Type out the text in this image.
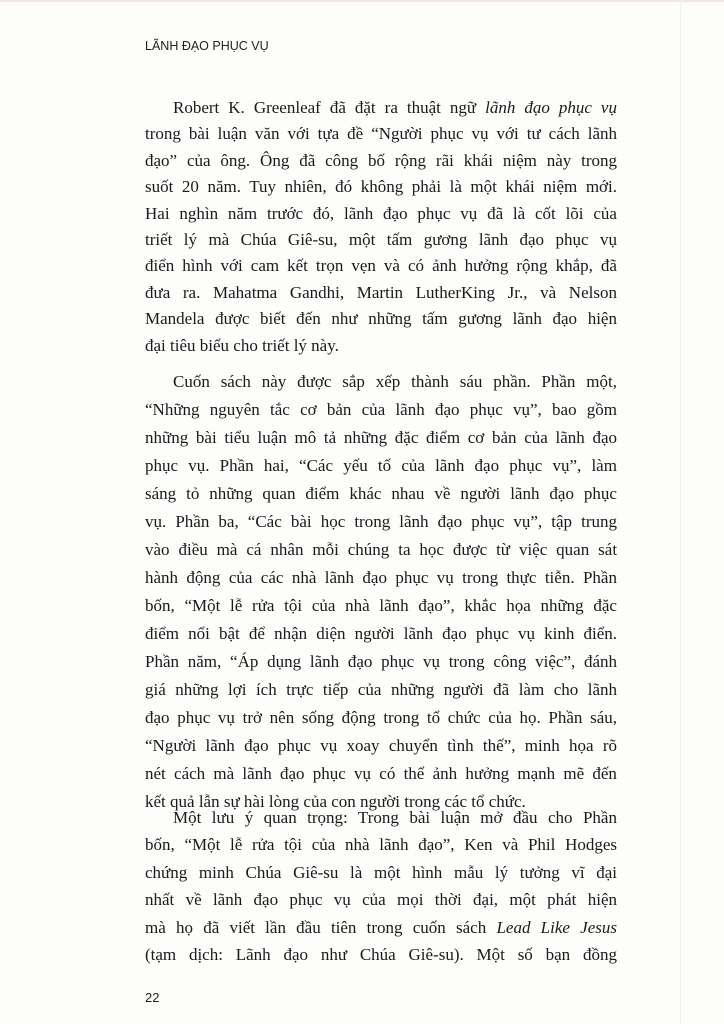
LÃNH ĐẠO PHỤC VỤ
Robert K. Greenleaf đã đặt ra thuật ngữ lãnh đạo phục vụ
trong bài luận văn với tựa đề “Người phục vụ với tư cách lãnh
đạo” của ông. Ông đã công bố rộng rãi khái niệm này trong
suốt 20 năm. Tuy nhiên, đó không phải là một khái niệm mới.
Hai nghìn năm trước đó, lãnh đạo phục vụ đã là cốt lõi của
triết lý mà Chúa Giê-su, một tấm gương lãnh đạo phục vụ
điển hình với cam kết trọn vẹn và có ảnh hưởng rộng khắp, đã
đưa ra. Mahatma Gandhi, Martin LutherKing Jr., và Nelson
Mandela được biết đến như những tấm gương lãnh đạo hiện
đại tiêu biểu cho triết lý này.
Cuốn sách này được sắp xếp thành sáu phần. Phần một,
“Những nguyên tắc cơ bản của lãnh đạo phục vụ”, bao gồm
những bài tiểu luận mô tả những đặc điểm cơ bản của lãnh đạo
phục vụ. Phần hai, “Các yếu tố của lãnh đạo phục vụ”, làm
sáng tỏ những quan điểm khác nhau về người lãnh đạo phục
vụ. Phần ba, “Các bài học trong lãnh đạo phục vụ”, tập trung
vào điều mà cá nhân mỗi chúng ta học được từ việc quan sát
hành động của các nhà lãnh đạo phục vụ trong thực tiễn. Phần
bốn, “Một lễ rửa tội của nhà lãnh đạo”, khắc họa những đặc
điểm nổi bật để nhận diện người lãnh đạo phục vụ kinh điển.
Phần năm, “Áp dụng lãnh đạo phục vụ trong công việc”, đánh
giá những lợi ích trực tiếp của những người đã làm cho lãnh
đạo phục vụ trở nên sống động trong tổ chức của họ. Phần sáu,
“Người lãnh đạo phục vụ xoay chuyển tình thế”, minh họa rõ
nét cách mà lãnh đạo phục vụ có thể ảnh hưởng mạnh mẽ đến
kết quả lẫn sự hài lòng của con người trong các tổ chức.
Một lưu ý quan trọng: Trong bài luận mở đầu cho Phần
bốn, “Một lễ rửa tội của nhà lãnh đạo”, Ken và Phil Hodges
chứng minh Chúa Giê-su là một hình mẫu lý tưởng vĩ đại
nhất về lãnh đạo phục vụ của mọi thời đại, một phát hiện
mà họ đã viết lần đầu tiên trong cuốn sách Lead Like Jesus
(tạm dịch: Lãnh đạo như Chúa Giê-su). Một số bạn đồng
22
